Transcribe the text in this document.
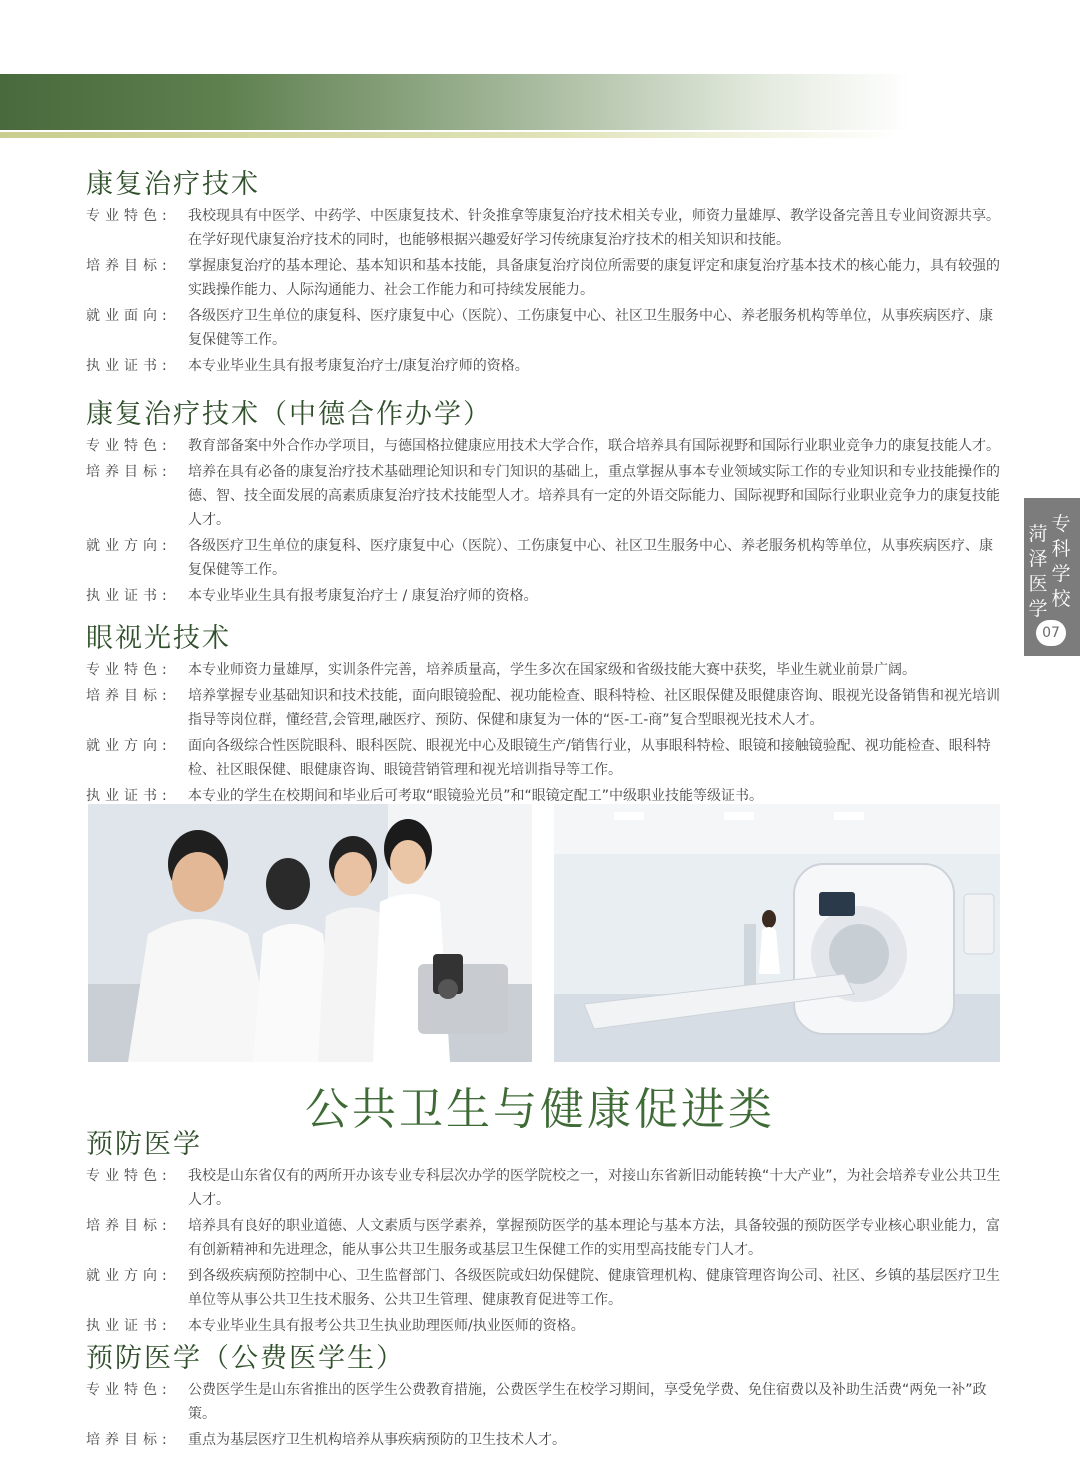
专科学校
菏泽医学
07
康复治疗技术
专业特色:	我校现具有中医学、中药学、中医康复技术、针灸推拿等康复治疗技术相关专业，师资力量雄厚、教学设备完善且专业间资源共享。在学好现代康复治疗技术的同时，也能够根据兴趣爱好学习传统康复治疗技术的相关知识和技能。
培养目标:	掌握康复治疗的基本理论、基本知识和基本技能，具备康复治疗岗位所需要的康复评定和康复治疗基本技术的核心能力，具有较强的实践操作能力、人际沟通能力、社会工作能力和可持续发展能力。
就业面向:	各级医疗卫生单位的康复科、医疗康复中心（医院）、工伤康复中心、社区卫生服务中心、养老服务机构等单位，从事疾病医疗、康复保健等工作。
执业证书:	本专业毕业生具有报考康复治疗士/康复治疗师的资格。
康复治疗技术（中德合作办学）
专业特色:	教育部备案中外合作办学项目，与德国格拉健康应用技术大学合作，联合培养具有国际视野和国际行业职业竞争力的康复技能人才。
培养目标:	培养在具有必备的康复治疗技术基础理论知识和专门知识的基础上，重点掌握从事本专业领域实际工作的专业知识和专业技能操作的德、智、技全面发展的高素质康复治疗技术技能型人才。培养具有一定的外语交际能力、国际视野和国际行业职业竞争力的康复技能人才。
就业方向:	各级医疗卫生单位的康复科、医疗康复中心（医院）、工伤康复中心、社区卫生服务中心、养老服务机构等单位，从事疾病医疗、康复保健等工作。
执业证书:	本专业毕业生具有报考康复治疗士 / 康复治疗师的资格。
眼视光技术
专业特色:	本专业师资力量雄厚，实训条件完善，培养质量高，学生多次在国家级和省级技能大赛中获奖，毕业生就业前景广阔。
培养目标:	培养掌握专业基础知识和技术技能，面向眼镜验配、视功能检查、眼科特检、社区眼保健及眼健康咨询、眼视光设备销售和视光培训指导等岗位群，懂经营,会管理,融医疗、预防、保健和康复为一体的“医-工-商”复合型眼视光技术人才。
就业方向:	面向各级综合性医院眼科、眼科医院、眼视光中心及眼镜生产/销售行业，从事眼科特检、眼镜和接触镜验配、视功能检查、眼科特检、社区眼保健、眼健康咨询、眼镜营销管理和视光培训指导等工作。
执业证书:	本专业的学生在校期间和毕业后可考取“眼镜验光员”和“眼镜定配工”中级职业技能等级证书。
公共卫生与健康促进类
预防医学
专业特色:	我校是山东省仅有的两所开办该专业专科层次办学的医学院校之一，对接山东省新旧动能转换“十大产业”，为社会培养专业公共卫生人才。
培养目标:	培养具有良好的职业道德、人文素质与医学素养，掌握预防医学的基本理论与基本方法，具备较强的预防医学专业核心职业能力，富有创新精神和先进理念，能从事公共卫生服务或基层卫生保健工作的实用型高技能专门人才。
就业方向:	到各级疾病预防控制中心、卫生监督部门、各级医院或妇幼保健院、健康管理机构、健康管理咨询公司、社区、乡镇的基层医疗卫生单位等从事公共卫生技术服务、公共卫生管理、健康教育促进等工作。
执业证书:	本专业毕业生具有报考公共卫生执业助理医师/执业医师的资格。
预防医学（公费医学生）
专业特色:	公费医学生是山东省推出的医学生公费教育措施，公费医学生在校学习期间，享受免学费、免住宿费以及补助生活费“两免一补”政策。
培养目标:	重点为基层医疗卫生机构培养从事疾病预防的卫生技术人才。
